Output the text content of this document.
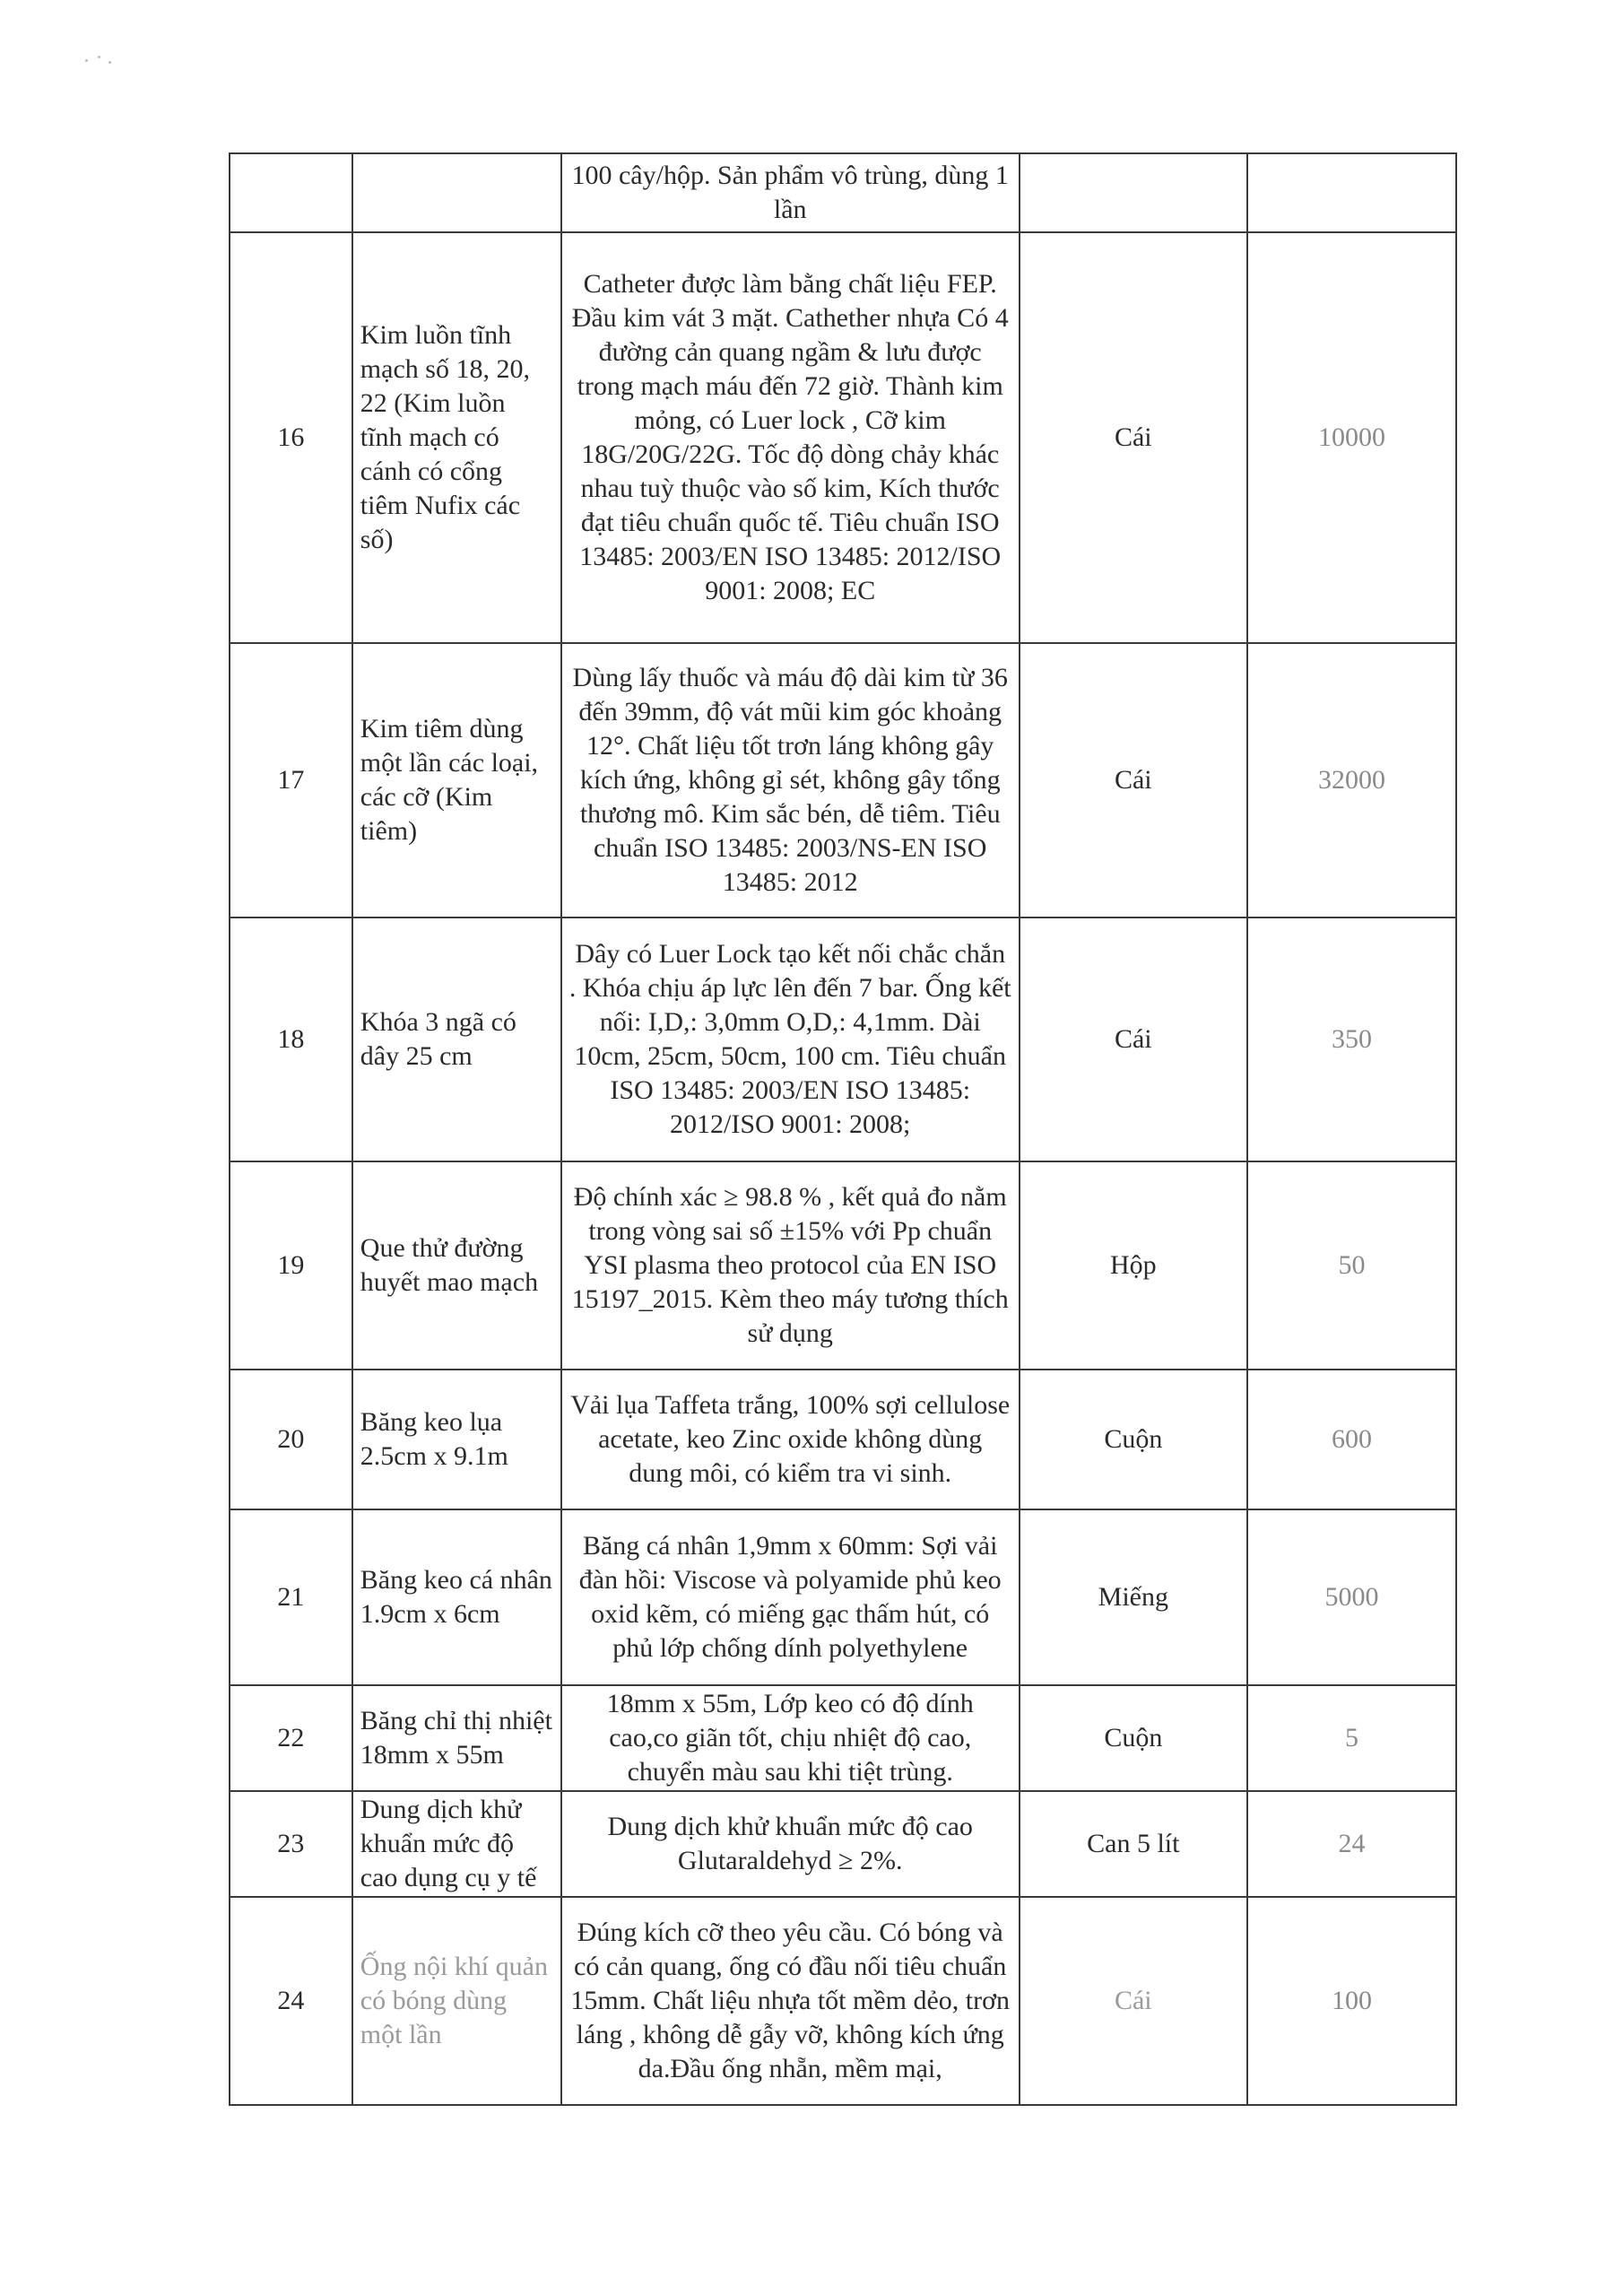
		100 cây/hộp. Sản phẩm vô trùng, dùng 1 lần		
16	Kim luồn tĩnh mạch số 18, 20, 22 (Kim luồn tĩnh mạch có cánh có cổng tiêm Nufix các số)	Catheter được làm bằng chất liệu FEP. Đầu kim vát 3 mặt. Cathether nhựa Có 4 đường cản quang ngầm & lưu được trong mạch máu đến 72 giờ. Thành kim mỏng, có Luer lock , Cỡ kim 18G/20G/22G. Tốc độ dòng chảy khác nhau tuỳ thuộc vào số kim, Kích thước đạt tiêu chuẩn quốc tế. Tiêu chuẩn ISO 13485: 2003/EN ISO 13485: 2012/ISO 9001: 2008; EC	Cái	10000
17	Kim tiêm dùng một lần các loại, các cỡ (Kim tiêm)	Dùng lấy thuốc và máu độ dài kim từ 36 đến 39mm, độ vát mũi kim góc khoảng 12°. Chất liệu tốt trơn láng không gây kích ứng, không gỉ sét, không gây tổng thương mô. Kim sắc bén, dễ tiêm. Tiêu chuẩn ISO 13485: 2003/NS-EN ISO 13485: 2012	Cái	32000
18	Khóa 3 ngã có dây 25 cm	Dây có Luer Lock tạo kết nối chắc chắn . Khóa chịu áp lực lên đến 7 bar. Ống kết nối: I,D,: 3,0mm O,D,: 4,1mm. Dài 10cm, 25cm, 50cm, 100 cm. Tiêu chuẩn ISO 13485: 2003/EN ISO 13485: 2012/ISO 9001: 2008;	Cái	350
19	Que thử đường huyết mao mạch	Độ chính xác ≥ 98.8 % , kết quả đo nằm trong vòng sai số ±15% với Pp chuẩn YSI plasma theo protocol của EN ISO 15197_2015. Kèm theo máy tương thích sử dụng	Hộp	50
20	Băng keo lụa 2.5cm x 9.1m	Vải lụa Taffeta trắng, 100% sợi cellulose acetate, keo Zinc oxide không dùng dung môi, có kiểm tra vi sinh.	Cuộn	600
21	Băng keo cá nhân 1.9cm x 6cm	Băng cá nhân 1,9mm x 60mm: Sợi vải đàn hồi: Viscose và polyamide phủ keo oxid kẽm, có miếng gạc thấm hút, có phủ lớp chống dính polyethylene	Miếng	5000
22	Băng chỉ thị nhiệt 18mm x 55m	18mm x 55m, Lớp keo có độ dính cao,co giãn tốt, chịu nhiệt độ cao, chuyển màu sau khi tiệt trùng.	Cuộn	5
23	Dung dịch khử khuẩn mức độ cao dụng cụ y tế	Dung dịch khử khuẩn mức độ cao Glutaraldehyd ≥ 2%.	Can 5 lít	24
24	Ống nội khí quản có bóng dùng một lần	Đúng kích cỡ theo yêu cầu. Có bóng và có cản quang, ống có đầu nối tiêu chuẩn 15mm. Chất liệu nhựa tốt mềm dẻo, trơn láng , không dễ gẫy vỡ, không kích ứng da.Đầu ống nhẵn, mềm mại,	Cái	100
